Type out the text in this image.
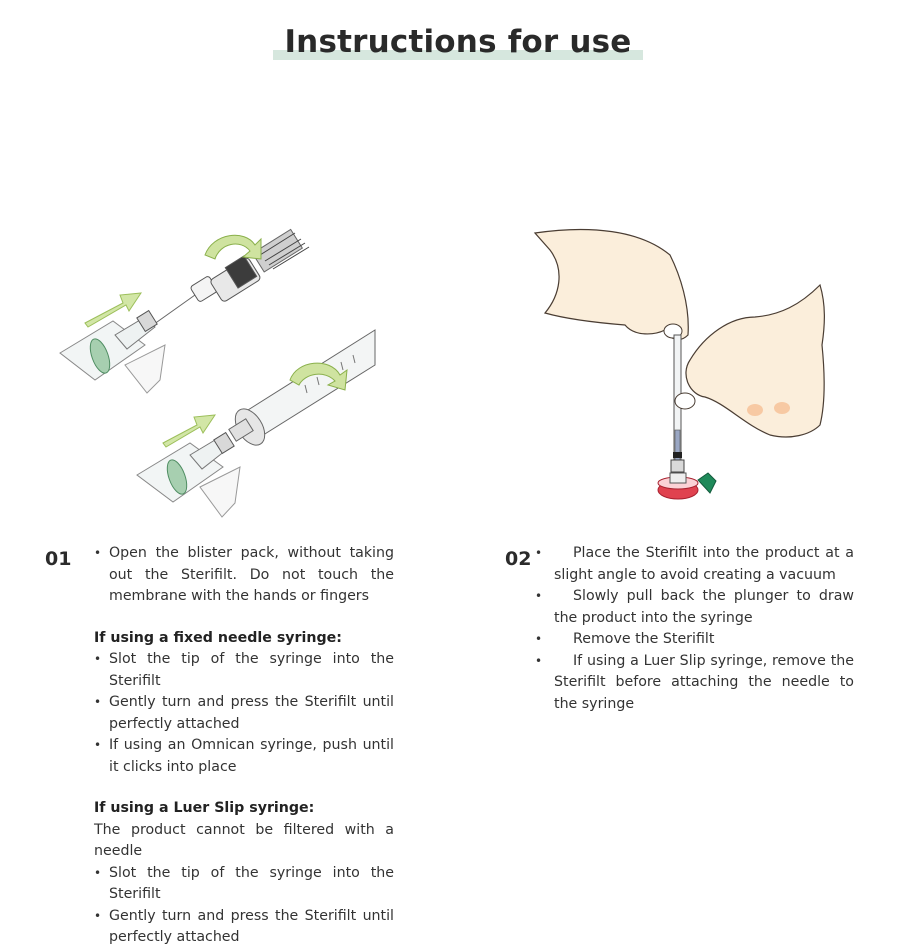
Instructions for use
01	• Open the blister pack, without taking out the Sterifilt. Do not touch the membrane with the hands or fingers
If using a fixed needle syringe:
• Slot the tip of the syringe into the Sterifilt
• Gently turn and press the Sterifilt until perfectly attached
• If using an Omnican syringe, push until it clicks into place
If using a Luer Slip syringe:
The product cannot be filtered with a needle
• Slot the tip of the syringe into the Sterifilt
• Gently turn and press the Sterifilt until perfectly attached
02	• Place the Sterifilt into the product at a slight angle to avoid creating a vacuum
• Slowly pull back the plunger to draw the product into the syringe
• Remove the Sterifilt
• If using a Luer Slip syringe, remove the Sterifilt before attaching the needle to the syringe
